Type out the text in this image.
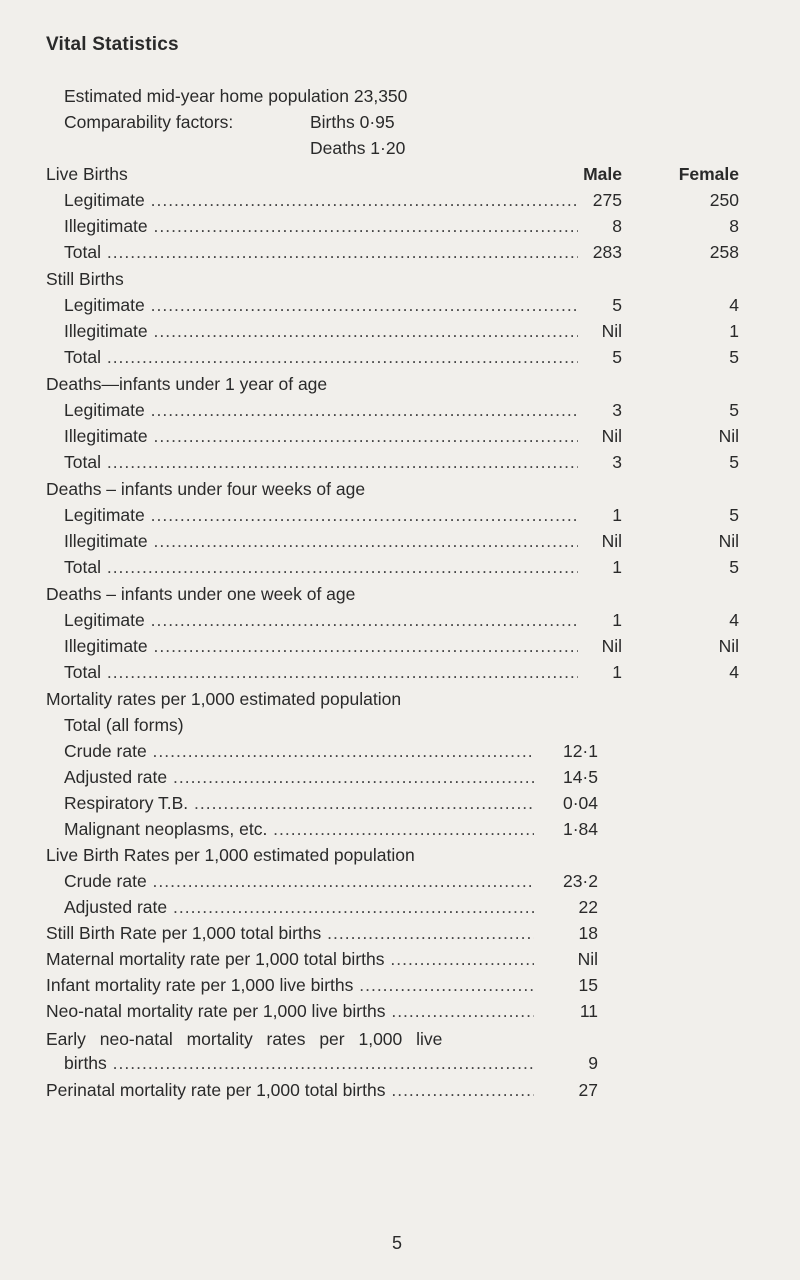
Vital Statistics
Estimated mid-year home population 23,350
Comparability factors:	Births 0·95
Deaths 1·20
Live Births	Male	Female
Legitimate .....	275	250
Illegitimate .....	8	8
Total .....	283	258
Still Births
Legitimate .....	5	4
Illegitimate .....	Nil	1
Total .....	5	5
Deaths—infants under 1 year of age
Legitimate .....	3	5
Illegitimate .....	Nil	Nil
Total .....	3	5
Deaths – infants under four weeks of age
Legitimate .....	1	5
Illegitimate .....	Nil	Nil
Total .....	1	5
Deaths – infants under one week of age
Legitimate .....	1	4
Illegitimate .....	Nil	Nil
Total .....	1	4
Mortality rates per 1,000 estimated population
Total (all forms)
Crude rate .....	12·1
Adjusted rate .....	14·5
Respiratory T.B. .....	0·04
Malignant neoplasms, etc. .....	1·84
Live Birth Rates per 1,000 estimated population
Crude rate .....	23·2
Adjusted rate .....	22
Still Birth Rate per 1,000 total births .....	18
Maternal mortality rate per 1,000 total births .....	Nil
Infant mortality rate per 1,000 live births .....	15
Neo-natal mortality rate per 1,000 live births .....	11
Early neo-natal mortality rates per 1,000 live
births .....	9
Perinatal mortality rate per 1,000 total births .....	27
5
